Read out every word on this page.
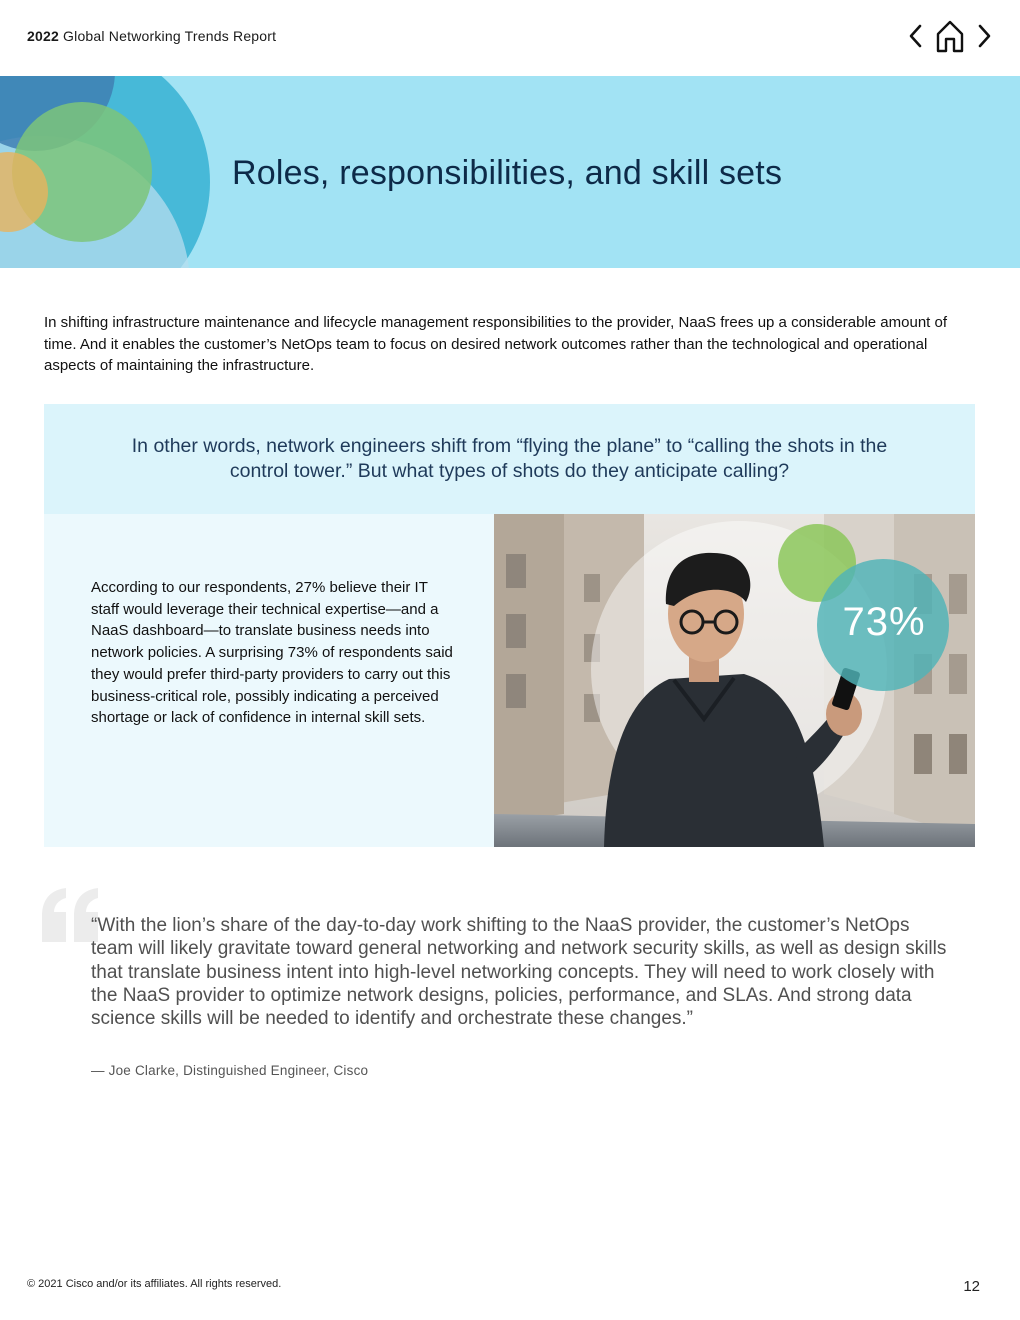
2022 Global Networking Trends Report
Roles, responsibilities, and skill sets

In shifting infrastructure maintenance and lifecycle management responsibilities to the provider, NaaS frees up a considerable amount of time. And it enables the customer’s NetOps team to focus on desired network outcomes rather than the technological and operational aspects of maintaining the infrastructure.

In other words, network engineers shift from “flying the plane” to “calling the shots in the control tower.” But what types of shots do they anticipate calling?

According to our respondents, 27% believe their IT staff would leverage their technical expertise—and a NaaS dashboard—to translate business needs into network policies. A surprising 73% of respondents said they would prefer third-party providers to carry out this business-critical role, possibly indicating a perceived shortage or lack of confidence in internal skill sets.

73%

“With the lion’s share of the day-to-day work shifting to the NaaS provider, the customer’s NetOps team will likely gravitate toward general networking and network security skills, as well as design skills that translate business intent into high-level networking concepts. They will need to work closely with the NaaS provider to optimize network designs, policies, performance, and SLAs. And strong data science skills will be needed to identify and orchestrate these changes.”

— Joe Clarke, Distinguished Engineer, Cisco

© 2021 Cisco and/or its affiliates. All rights reserved.	12
